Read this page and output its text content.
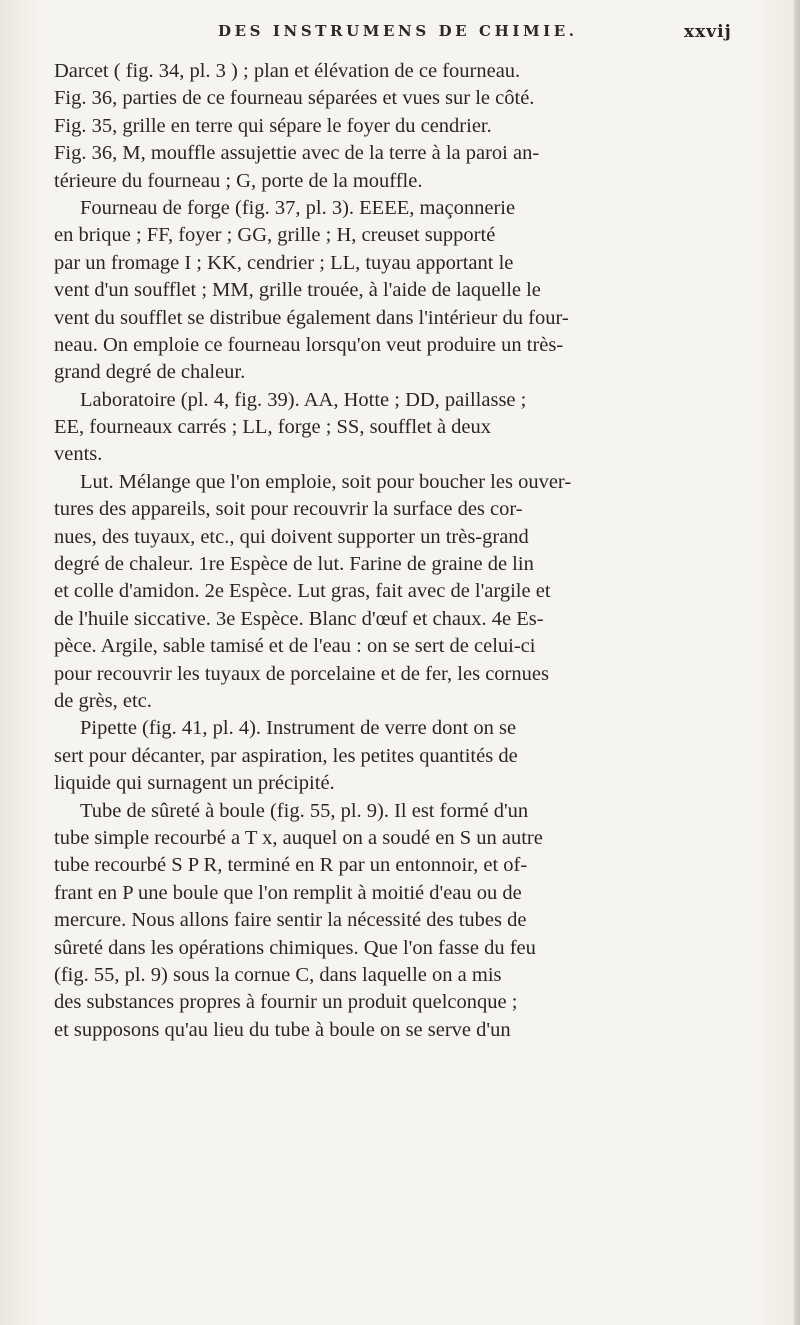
DES INSTRUMENS DE CHIMIE.	xxvij
Darcet ( fig. 34, pl. 3 ) ; plan et élévation de ce fourneau.
Fig. 36, parties de ce fourneau séparées et vues sur le côté.
Fig. 35, grille en terre qui sépare le foyer du cendrier.
Fig. 36, M, mouffle assujettie avec de la terre à la paroi an-
térieure du fourneau ; G, porte de la mouffle.
Fourneau de forge (fig. 37, pl. 3). EEEE, maçonnerie
en brique ; FF, foyer ; GG, grille ; H, creuset supporté
par un fromage I ; KK, cendrier ; LL, tuyau apportant le
vent d'un soufflet ; MM, grille trouée, à l'aide de laquelle le
vent du soufflet se distribue également dans l'intérieur du four-
neau. On emploie ce fourneau lorsqu'on veut produire un très-
grand degré de chaleur.
Laboratoire (pl. 4, fig. 39). AA, Hotte ; DD, paillasse ;
EE, fourneaux carrés ; LL, forge ; SS, soufflet à deux
vents.
Lut. Mélange que l'on emploie, soit pour boucher les ouver-
tures des appareils, soit pour recouvrir la surface des cor-
nues, des tuyaux, etc., qui doivent supporter un très-grand
degré de chaleur. 1re Espèce de lut. Farine de graine de lin
et colle d'amidon. 2e Espèce. Lut gras, fait avec de l'argile et
de l'huile siccative. 3e Espèce. Blanc d'œuf et chaux. 4e Es-
pèce. Argile, sable tamisé et de l'eau : on se sert de celui-ci
pour recouvrir les tuyaux de porcelaine et de fer, les cornues
de grès, etc.
Pipette (fig. 41, pl. 4). Instrument de verre dont on se
sert pour décanter, par aspiration, les petites quantités de
liquide qui surnagent un précipité.
Tube de sûreté à boule (fig. 55, pl. 9). Il est formé d'un
tube simple recourbé a T x, auquel on a soudé en S un autre
tube recourbé S P R, terminé en R par un entonnoir, et of-
frant en P une boule que l'on remplit à moitié d'eau ou de
mercure. Nous allons faire sentir la nécessité des tubes de
sûreté dans les opérations chimiques. Que l'on fasse du feu
(fig. 55, pl. 9) sous la cornue C, dans laquelle on a mis
des substances propres à fournir un produit quelconque ;
et supposons qu'au lieu du tube à boule on se serve d'un
